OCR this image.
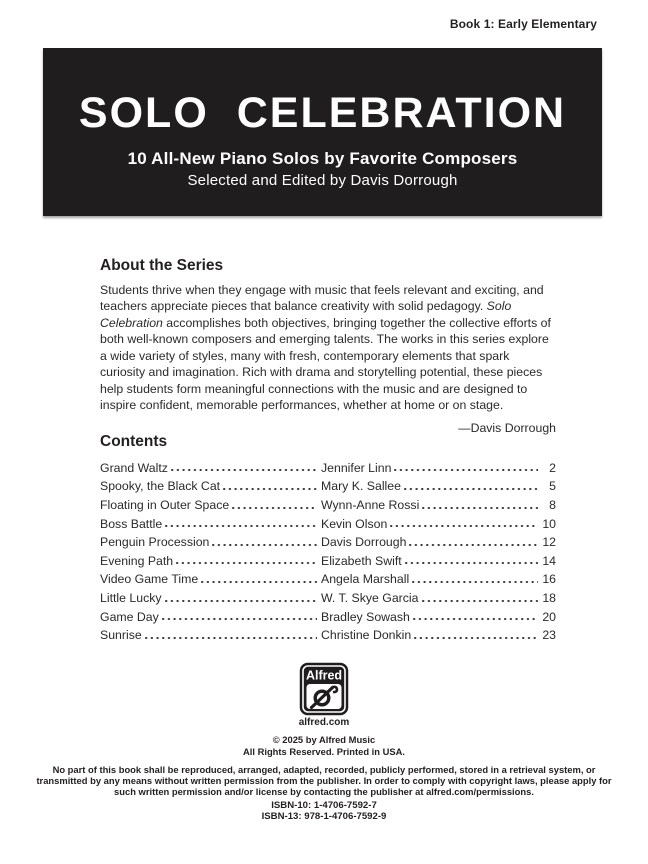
Book 1: Early Elementary
SOLO CELEBRATION
10 All-New Piano Solos by Favorite Composers
Selected and Edited by Davis Dorrough
About the Series

Students thrive when they engage with music that feels relevant and exciting, and teachers appreciate pieces that balance creativity with solid pedagogy. Solo Celebration accomplishes both objectives, bringing together the collective efforts of both well-known composers and emerging talents. The works in this series explore a wide variety of styles, many with fresh, contemporary elements that spark curiosity and imagination. Rich with drama and storytelling potential, these pieces help students form meaningful connections with the music and are designed to inspire confident, memorable performances, whether at home or on stage.

—Davis Dorrough
Contents
Grand Waltz	Jennifer Linn	2
Spooky, the Black Cat	Mary K. Sallee	5
Floating in Outer Space	Wynn-Anne Rossi	8
Boss Battle	Kevin Olson	10
Penguin Procession	Davis Dorrough	12
Evening Path	Elizabeth Swift	14
Video Game Time	Angela Marshall	16
Little Lucky	W. T. Skye Garcia	18
Game Day	Bradley Sowash	20
Sunrise	Christine Donkin	23
Alfred
alfred.com
© 2025 by Alfred Music
All Rights Reserved. Printed in USA.
No part of this book shall be reproduced, arranged, adapted, recorded, publicly performed, stored in a retrieval system, or transmitted by any means without written permission from the publisher. In order to comply with copyright laws, please apply for such written permission and/or license by contacting the publisher at alfred.com/permissions.
ISBN-10: 1-4706-7592-7
ISBN-13: 978-1-4706-7592-9
